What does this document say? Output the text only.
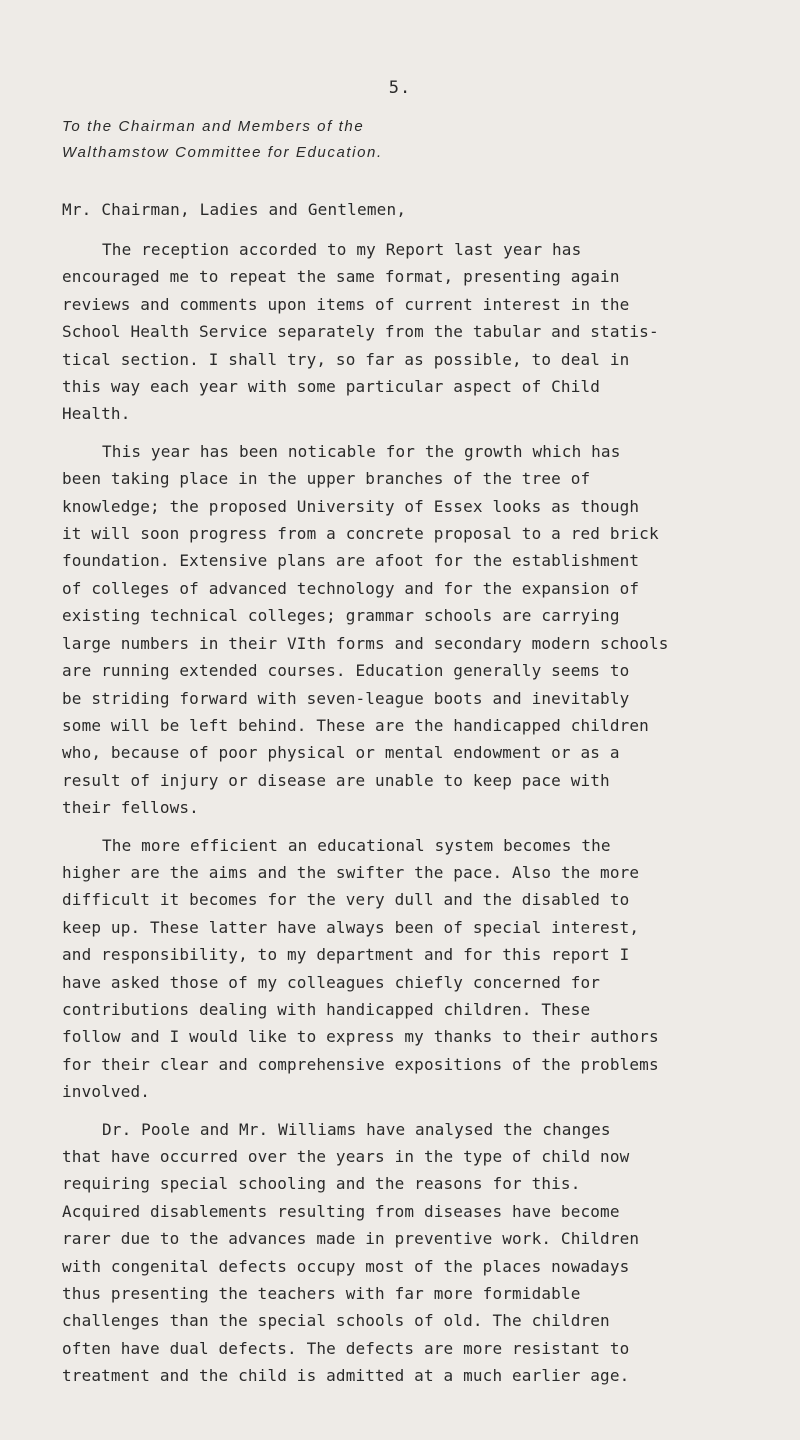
5.
To the Chairman and Members of the
Walthamstow Committee for Education.
Mr. Chairman, Ladies and Gentlemen,
The reception accorded to my Report last year has
encouraged me to repeat the same format, presenting again
reviews and comments upon items of current interest in the
School Health Service separately from the tabular and statis-
tical section. I shall try, so far as possible, to deal in
this way each year with some particular aspect of Child
Health.
This year has been noticable for the growth which has
been taking place in the upper branches of the tree of
knowledge; the proposed University of Essex looks as though
it will soon progress from a concrete proposal to a red brick
foundation. Extensive plans are afoot for the establishment
of colleges of advanced technology and for the expansion of
existing technical colleges; grammar schools are carrying
large numbers in their VIth forms and secondary modern schools
are running extended courses. Education generally seems to
be striding forward with seven-league boots and inevitably
some will be left behind. These are the handicapped children
who, because of poor physical or mental endowment or as a
result of injury or disease are unable to keep pace with
their fellows.
The more efficient an educational system becomes the
higher are the aims and the swifter the pace. Also the more
difficult it becomes for the very dull and the disabled to
keep up. These latter have always been of special interest,
and responsibility, to my department and for this report I
have asked those of my colleagues chiefly concerned for
contributions dealing with handicapped children. These
follow and I would like to express my thanks to their authors
for their clear and comprehensive expositions of the problems
involved.
Dr. Poole and Mr. Williams have analysed the changes
that have occurred over the years in the type of child now
requiring special schooling and the reasons for this.
Acquired disablements resulting from diseases have become
rarer due to the advances made in preventive work. Children
with congenital defects occupy most of the places nowadays
thus presenting the teachers with far more formidable
challenges than the special schools of old. The children
often have dual defects. The defects are more resistant to
treatment and the child is admitted at a much earlier age.
